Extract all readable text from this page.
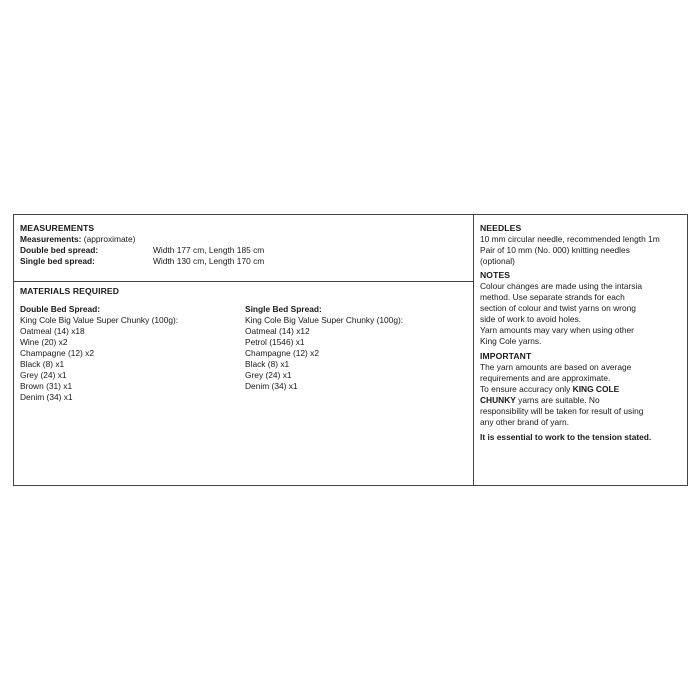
MEASUREMENTS
Measurements: (approximate)
Double bed spread:	Width 177 cm, Length 185 cm
Single bed spread:	Width 130 cm, Length 170 cm
MATERIALS REQUIRED
Double Bed Spread:
King Cole Big Value Super Chunky (100g):
Oatmeal (14) x18
Wine (20) x2
Champagne (12) x2
Black (8) x1
Grey (24) x1
Brown (31) x1
Denim (34) x1
Single Bed Spread:
King Cole Big Value Super Chunky (100g):
Oatmeal (14) x12
Petrol (1546) x1
Champagne (12) x2
Black (8) x1
Grey (24) x1
Denim (34) x1
NEEDLES
10 mm circular needle, recommended length 1m
Pair of 10 mm (No. 000) knitting needles
(optional)
NOTES
Colour changes are made using the intarsia
method. Use separate strands for each
section of colour and twist yarns on wrong
side of work to avoid holes.
Yarn amounts may vary when using other
King Cole yarns.
IMPORTANT
The yarn amounts are based on average
requirements and are approximate.
To ensure accuracy only KING COLE
CHUNKY yarns are suitable. No
responsibility will be taken for result of using
any other brand of yarn.
It is essential to work to the tension stated.
